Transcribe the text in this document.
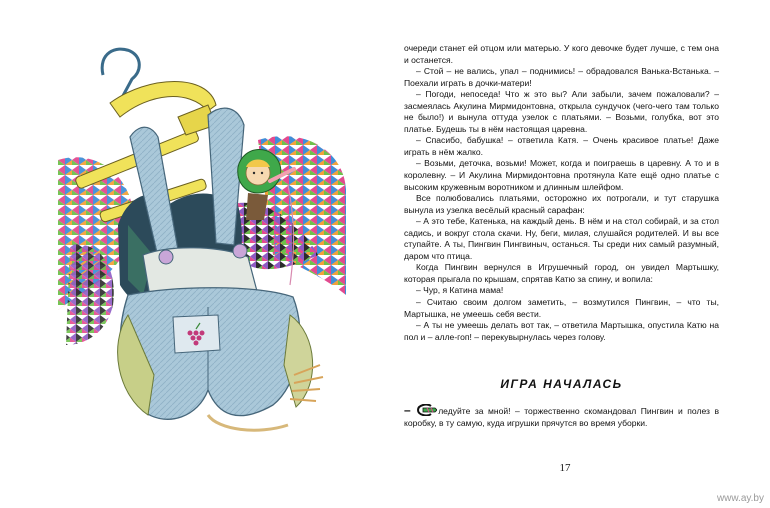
очереди станет ей отцом или матерью. У кого девочке будет лучше, с тем она и останется.

– Стой – не вались, упал – поднимись! – обрадовался Ванька-Встанька. – Поехали играть в дочки-матери!

– Погоди, непоседа! Что ж это вы? Али забыли, зачем пожаловали? – засмеялась Акулина Мирмидонтовна, открыла сундучок (чего-чего там только не было!) и вынула оттуда узелок с платьями. – Возьми, голубка, вот это платье. Будешь ты в нём настоящая царевна.

– Спасибо, бабушка! – ответила Катя. – Очень красивое платье! Даже играть в нём жалко.

– Возьми, деточка, возьми! Может, когда и поиграешь в царевну. А то и в королевну. – И Акулина Мирмидонтовна протянула Кате ещё одно платье с высоким кружевным воротником и длинным шлейфом.

Все полюбовались платьями, осторожно их потрогали, и тут старушка вынула из узелка весёлый красный сарафан:

– А это тебе, Катенька, на каждый день. В нём и на стол собирай, и за стол садись, и вокруг стола скачи. Ну, беги, милая, слушайся родителей. И вы все ступайте. А ты, Пингвин Пингвиныч, останься. Ты среди них самый разумный, даром что птица.

Когда Пингвин вернулся в Игрушечный город, он увидел Мартышку, которая прыгала по крышам, спрятав Катю за спину, и вопила:

– Чур, я Катина мама!

– Считаю своим долгом заметить, – возмутился Пингвин, – что ты, Мартышка, не умеешь себя вести.

– А ты не умеешь делать вот так, – ответила Мартышка, опустила Катю на пол и – алле-гоп! – перекувырнулась через голову.

ИГРА НАЧАЛАСЬ

–	ледуйте за мной! – торжественно скомандовал Пингвин и полез в коробку, в ту самую, куда игрушки прячутся во время уборки.

17
www.ay.by
